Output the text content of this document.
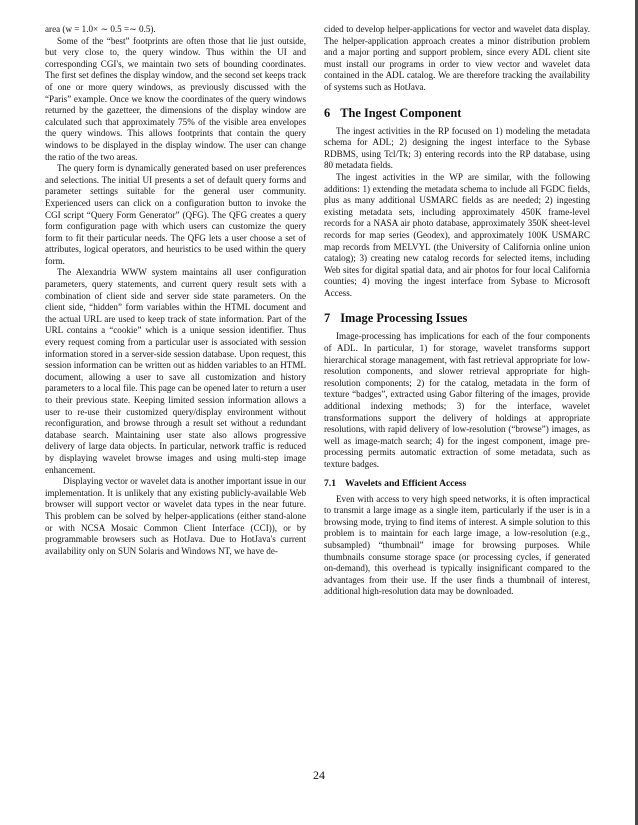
area (w = 1.0× ∼ 0.5 =∼ 0.5).

Some of the “best” footprints are often those that lie just outside, but very close to, the query window. Thus within the UI and corresponding CGI's, we maintain two sets of bounding coordinates. The first set defines the display window, and the second set keeps track of one or more query windows, as previously discussed with the “Paris” example. Once we know the coordinates of the query windows returned by the gazetteer, the dimensions of the display window are calculated such that approximately 75% of the visible area envelopes the query windows. This allows footprints that contain the query windows to be displayed in the display window. The user can change the ratio of the two areas.

The query form is dynamically generated based on user preferences and selections. The initial UI presents a set of default query forms and parameter settings suitable for the general user community. Experienced users can click on a configuration button to invoke the CGI script “Query Form Generator” (QFG). The QFG creates a query form configuration page with which users can customize the query form to fit their particular needs. The QFG lets a user choose a set of attributes, logical operators, and heuristics to be used within the query form.

The Alexandria WWW system maintains all user configuration parameters, query statements, and current query result sets with a combination of client side and server side state parameters. On the client side, “hidden” form variables within the HTML document and the actual URL are used to keep track of state information. Part of the URL contains a “cookie” which is a unique session identifier. Thus every request coming from a particular user is associated with session information stored in a server-side session database. Upon request, this session information can be written out as hidden variables to an HTML document, allowing a user to save all customization and history parameters to a local file. This page can be opened later to return a user to their previous state. Keeping limited session information allows a user to re-use their customized query/display environment without reconfiguration, and browse through a result set without a redundant database search. Maintaining user state also allows progressive delivery of large data objects. In particular, network traffic is reduced by displaying wavelet browse images and using multi-step image enhancement.

Displaying vector or wavelet data is another important issue in our implementation. It is unlikely that any existing publicly-available Web browser will support vector or wavelet data types in the near future. This problem can be solved by helper-applications (either stand-alone or with NCSA Mosaic Common Client Interface (CCI)), or by programmable browsers such as HotJava. Due to HotJava's current availability only on SUN Solaris and Windows NT, we have de-

cided to develop helper-applications for vector and wavelet data display. The helper-application approach creates a minor distribution problem and a major porting and support problem, since every ADL client site must install our programs in order to view vector and wavelet data contained in the ADL catalog. We are therefore tracking the availability of systems such as HotJava.

6 The Ingest Component

The ingest activities in the RP focused on 1) modeling the metadata schema for ADL; 2) designing the ingest interface to the Sybase RDBMS, using Tcl/Tk; 3) entering records into the RP database, using 80 metadata fields.

The ingest activities in the WP are similar, with the following additions: 1) extending the metadata schema to include all FGDC fields, plus as many additional USMARC fields as are needed; 2) ingesting existing metadata sets, including approximately 450K frame-level records for a NASA air photo database, approximately 350K sheet-level records for map series (Geodex), and approximately 100K USMARC map records from MELVYL (the University of California online union catalog); 3) creating new catalog records for selected items, including Web sites for digital spatial data, and air photos for four local California counties; 4) moving the ingest interface from Sybase to Microsoft Access.

7 Image Processing Issues

Image-processing has implications for each of the four components of ADL. In particular, 1) for storage, wavelet transforms support hierarchical storage management, with fast retrieval appropriate for low-resolution components, and slower retrieval appropriate for high-resolution components; 2) for the catalog, metadata in the form of texture “badges”, extracted using Gabor filtering of the images, provide additional indexing methods; 3) for the interface, wavelet transformations support the delivery of holdings at appropriate resolutions, with rapid delivery of low-resolution (“browse”) images, as well as image-match search; 4) for the ingest component, image pre-processing permits automatic extraction of some metadata, such as texture badges.

7.1 Wavelets and Efficient Access

Even with access to very high speed networks, it is often impractical to transmit a large image as a single item, particularly if the user is in a browsing mode, trying to find items of interest. A simple solution to this problem is to maintain for each large image, a low-resolution (e.g., subsampled) “thumbnail” image for browsing purposes. While thumbnails consume storage space (or processing cycles, if generated on-demand), this overhead is typically insignificant compared to the advantages from their use. If the user finds a thumbnail of interest, additional high-resolution data may be downloaded.

24
